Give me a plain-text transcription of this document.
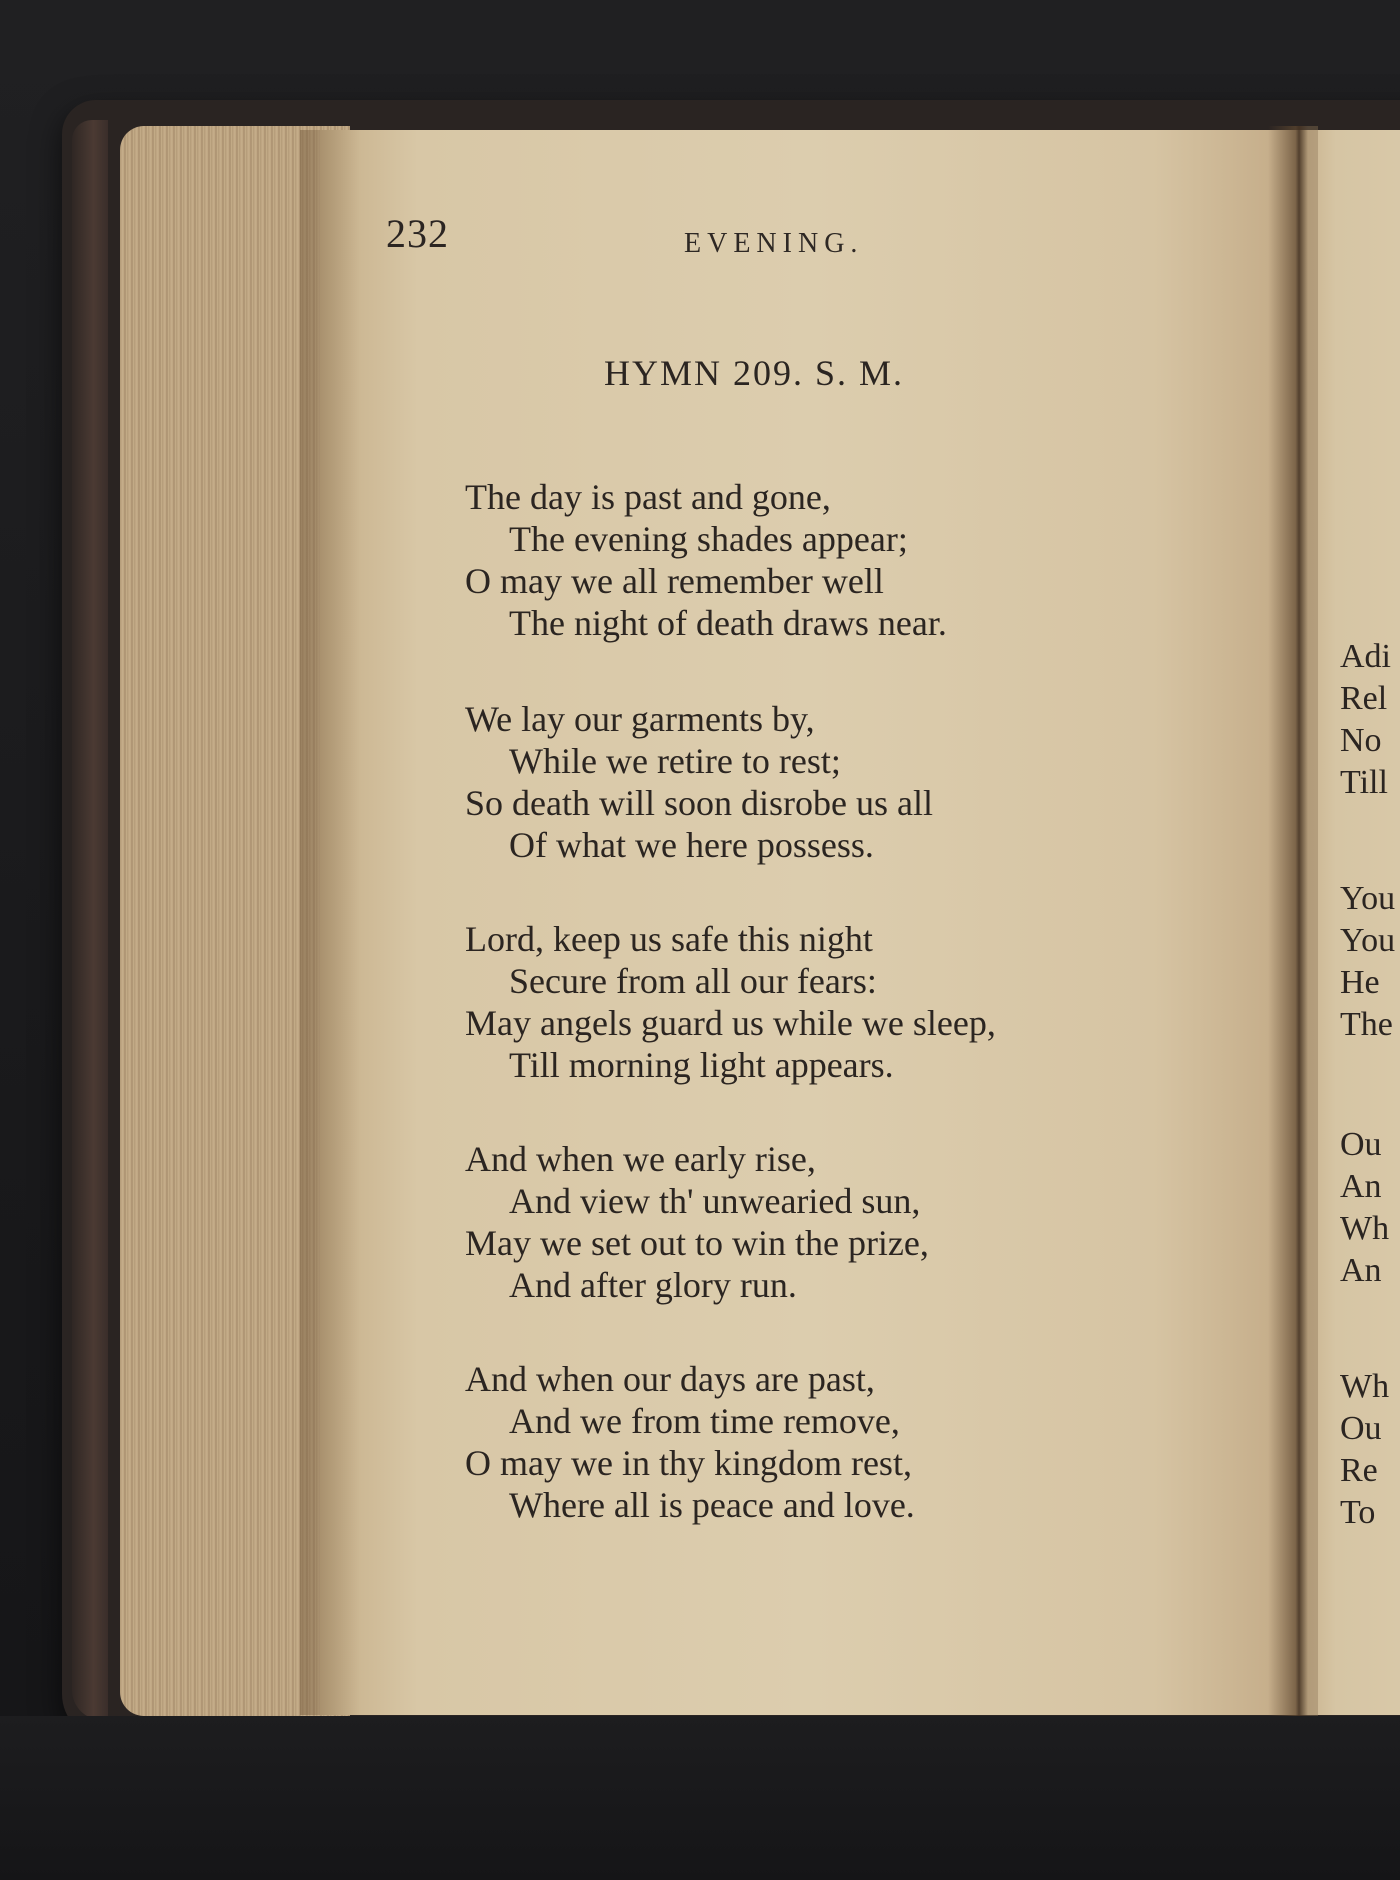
232	EVENING.
HYMN 209. S. M.
The day is past and gone,
The evening shades appear;
O may we all remember well
The night of death draws near.
We lay our garments by,
While we retire to rest;
So death will soon disrobe us all
Of what we here possess.
Lord, keep us safe this night
Secure from all our fears:
May angels guard us while we sleep,
Till morning light appears.
And when we early rise,
And view th' unwearied sun,
May we set out to win the prize,
And after glory run.
And when our days are past,
And we from time remove,
O may we in thy kingdom rest,
Where all is peace and love.
Adi
Rel
No
Till
You
You
He
The
Ou
An
Wh
An
Wh
Ou
Re
To
